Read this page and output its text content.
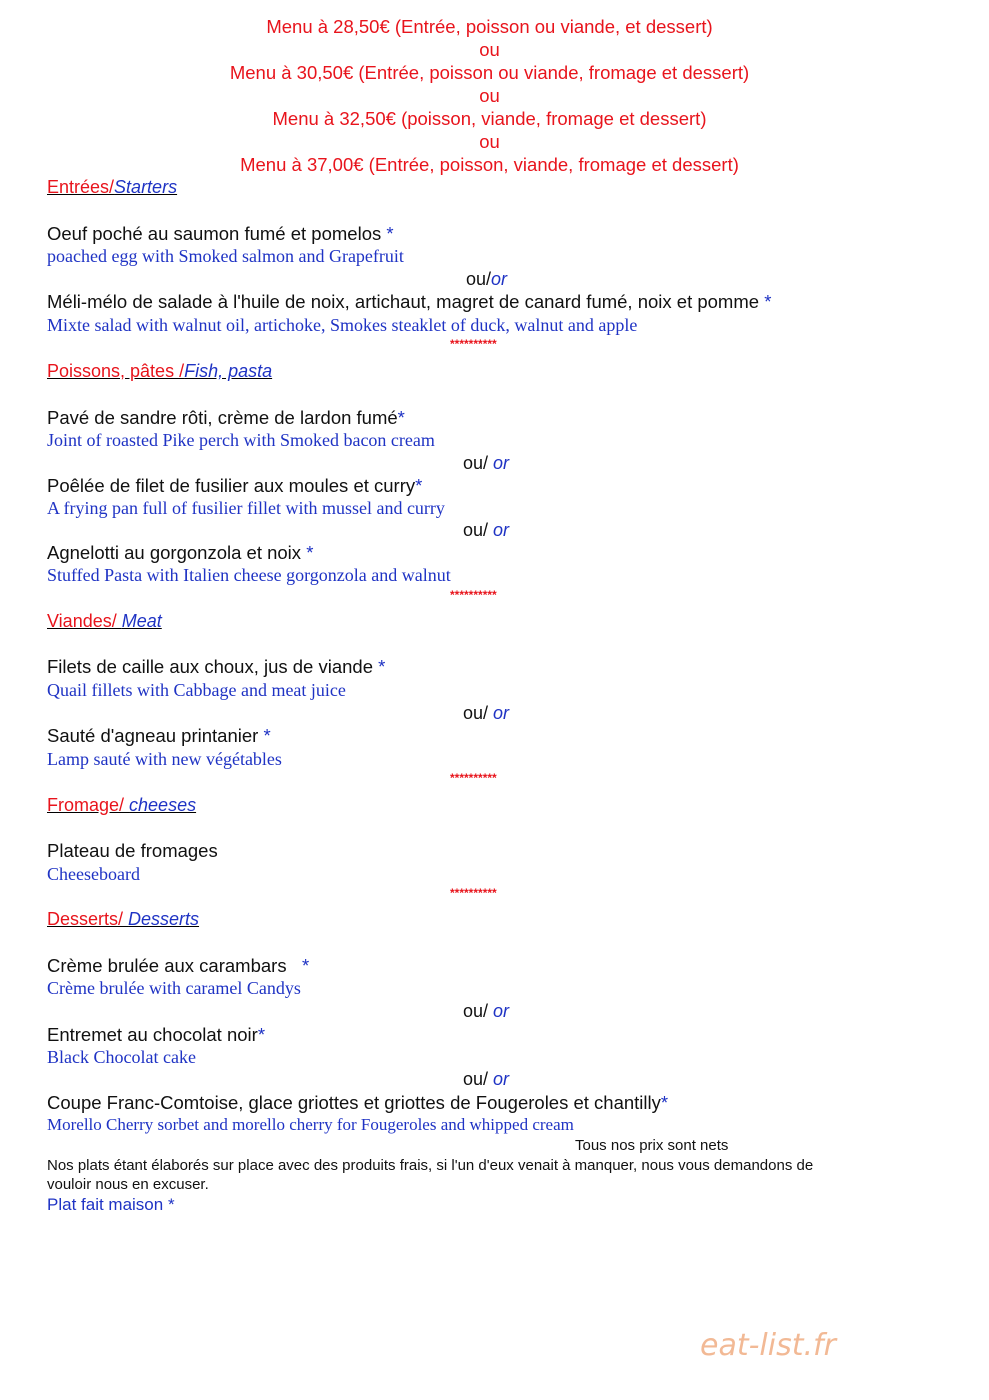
Menu à 28,50€ (Entrée, poisson ou viande, et dessert)
ou
Menu à 30,50€ (Entrée, poisson ou viande, fromage et dessert)
ou
Menu à 32,50€ (poisson, viande, fromage et dessert)
ou
Menu à 37,00€ (Entrée, poisson, viande, fromage et dessert)
Entrées/Starters
Oeuf poché au saumon fumé et pomelos *
poached egg with Smoked salmon and Grapefruit
ou/or
Méli-mélo de salade à l'huile de noix, artichaut, magret de canard fumé, noix et pomme *
Mixte salad with walnut oil, artichoke, Smokes steaklet of duck, walnut and apple
**********
Poissons, pâtes /Fish, pasta
Pavé de sandre rôti, crème de lardon fumé*
Joint of roasted Pike perch with Smoked bacon cream
ou/ or
Poêlée de filet de fusilier aux moules et curry*
A frying pan full of fusilier fillet with mussel and curry
ou/ or
Agnelotti au gorgonzola et noix *
Stuffed Pasta with Italien cheese gorgonzola and walnut
**********
Viandes/ Meat
Filets de caille aux choux, jus de viande *
Quail fillets with Cabbage and meat juice
ou/ or
Sauté d'agneau printanier *
Lamp sauté with new végétables
**********
Fromage/ cheeses
Plateau de fromages
Cheeseboard
**********
Desserts/ Desserts
Crème brulée aux carambars   *
Crème brulée with caramel Candys
ou/ or
Entremet au chocolat noir*
Black Chocolat cake
ou/ or
Coupe Franc-Comtoise, glace griottes et griottes de Fougeroles et chantilly*
Morello Cherry sorbet and morello cherry for Fougeroles and whipped cream
Tous nos prix sont nets
Nos plats étant élaborés sur place avec des produits frais, si l'un d'eux venait à manquer, nous vous demandons de
vouloir nous en excuser.
Plat fait maison *
eat-list.fr
